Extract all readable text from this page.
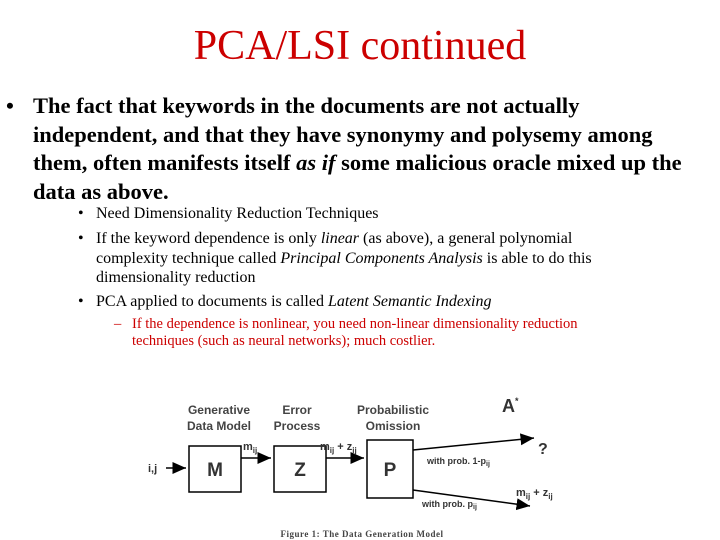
PCA/LSI continued
• The fact that keywords in the documents are not actually independent, and that they have synonymy and polysemy among them, often manifests itself as if some malicious oracle mixed up the data as above.
• Need Dimensionality Reduction Techniques
• If the keyword dependence is only linear (as above), a general polynomial complexity technique called Principal Components Analysis is able to do this dimensionality reduction
• PCA applied to documents is called Latent Semantic Indexing
– If the dependence is nonlinear, you need non-linear dimensionality reduction techniques (such as neural networks); much costlier.
Generative
Data Model
Error
Process
Probabilistic
Omission
i,j	M
$m_{ij}$
Z
$m_{ij} + z_{ij}$
P	with prob. $1-p_{ij}$
with prob. $p_{ij}$
A*
?
$m_{ij} + z_{ij}$
Figure 1: The Data Generation Model
